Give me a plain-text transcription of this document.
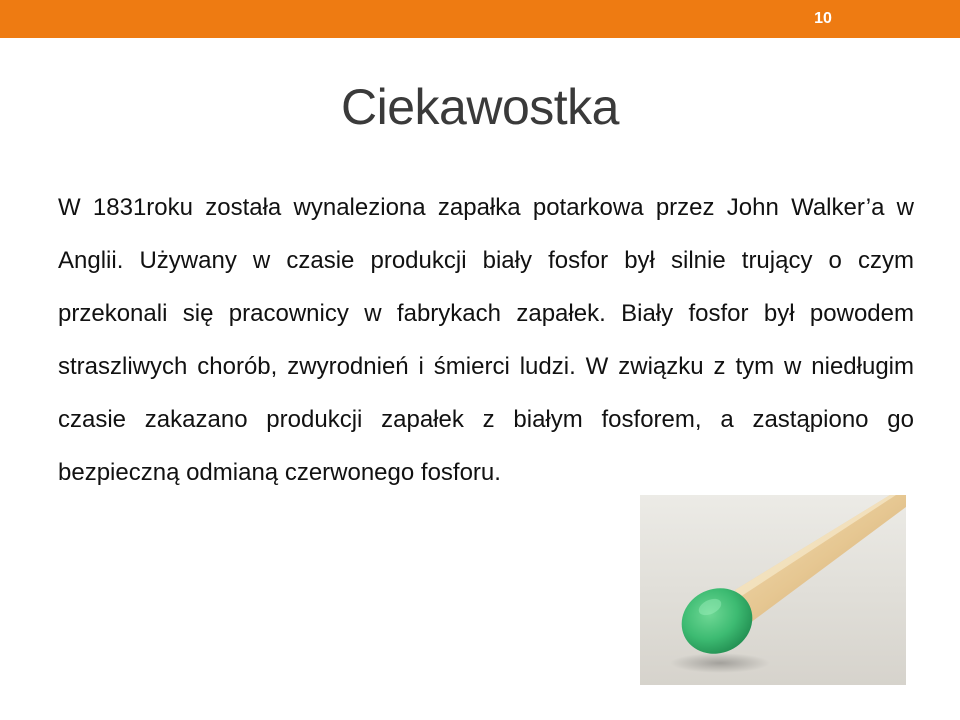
10
Ciekawostka

W 1831roku została wynaleziona zapałka potarkowa przez John Walker’a w Anglii. Używany w czasie produkcji biały fosfor był silnie trujący o czym przekonali się pracownicy w fabrykach zapałek. Biały fosfor był powodem straszliwych chorób, zwyrodnień i śmierci ludzi. W związku z tym w niedługim czasie zakazano produkcji zapałek z białym fosforem, a zastąpiono go bezpieczną odmianą czerwonego fosforu.
